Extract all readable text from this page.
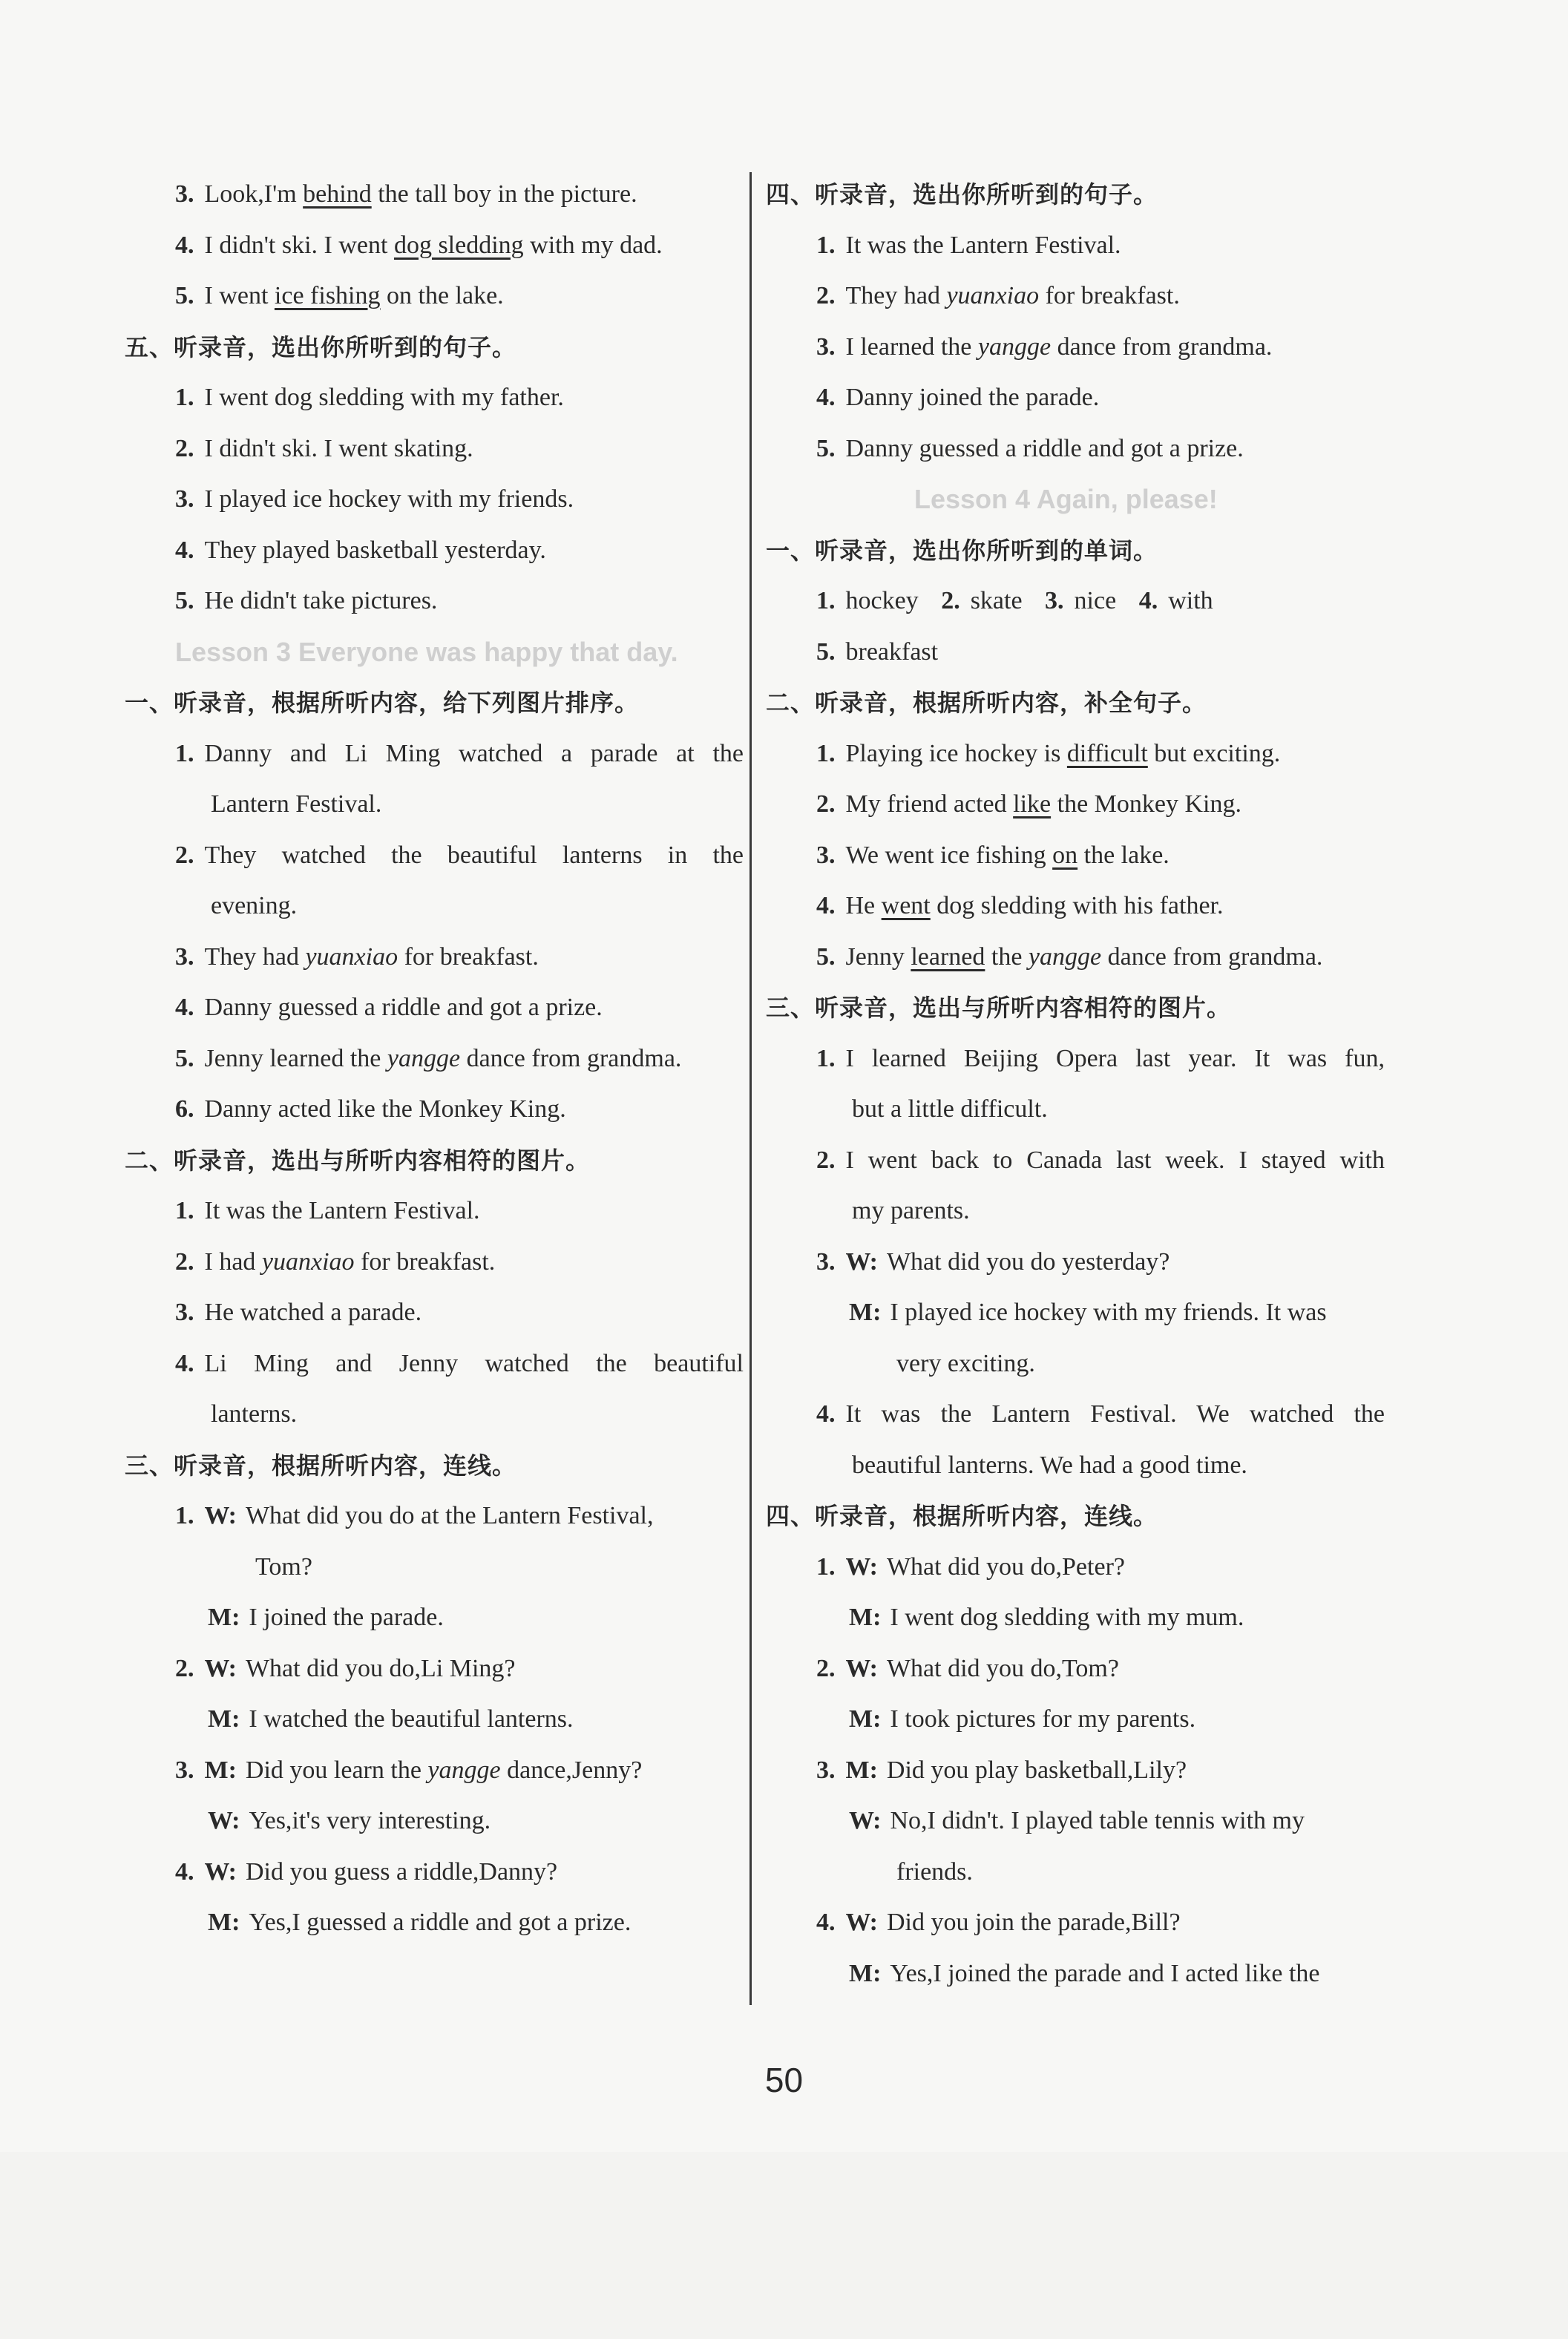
3. Look,I'm behind the tall boy in the picture.
4. I didn't ski. I went dog sledding with my dad.
5. I went ice fishing on the lake.
五、听录音，选出你所听到的句子。
1. I went dog sledding with my father.
2. I didn't ski. I went skating.
3. I played ice hockey with my friends.
4. They played basketball yesterday.
5. He didn't take pictures.
Lesson 3 Everyone was happy that day.
一、听录音，根据所听内容，给下列图片排序。
1. Danny and Li Ming watched a parade at the
Lantern Festival.
2. They watched the beautiful lanterns in the
evening.
3. They had yuanxiao for breakfast.
4. Danny guessed a riddle and got a prize.
5. Jenny learned the yangge dance from grandma.
6. Danny acted like the Monkey King.
二、听录音，选出与所听内容相符的图片。
1. It was the Lantern Festival.
2. I had yuanxiao for breakfast.
3. He watched a parade.
4. Li Ming and Jenny watched the beautiful
lanterns.
三、听录音，根据所听内容，连线。
1. W: What did you do at the Lantern Festival,
Tom?
M: I joined the parade.
2. W: What did you do,Li Ming?
M: I watched the beautiful lanterns.
3. M: Did you learn the yangge dance,Jenny?
W: Yes,it's very interesting.
4. W: Did you guess a riddle,Danny?
M: Yes,I guessed a riddle and got a prize.
四、听录音，选出你所听到的句子。
1. It was the Lantern Festival.
2. They had yuanxiao for breakfast.
3. I learned the yangge dance from grandma.
4. Danny joined the parade.
5. Danny guessed a riddle and got a prize.
Lesson 4 Again, please!
一、听录音，选出你所听到的单词。
1. hockey 2. skate 3. nice 4. with
5. breakfast
二、听录音，根据所听内容，补全句子。
1. Playing ice hockey is difficult but exciting.
2. My friend acted like the Monkey King.
3. We went ice fishing on the lake.
4. He went dog sledding with his father.
5. Jenny learned the yangge dance from grandma.
三、听录音，选出与所听内容相符的图片。
1. I learned Beijing Opera last year. It was fun,
but a little difficult.
2. I went back to Canada last week. I stayed with
my parents.
3. W: What did you do yesterday?
M: I played ice hockey with my friends. It was
very exciting.
4. It was the Lantern Festival. We watched the
beautiful lanterns. We had a good time.
四、听录音，根据所听内容，连线。
1. W: What did you do,Peter?
M: I went dog sledding with my mum.
2. W: What did you do,Tom?
M: I took pictures for my parents.
3. M: Did you play basketball,Lily?
W: No,I didn't. I played table tennis with my
friends.
4. W: Did you join the parade,Bill?
M: Yes,I joined the parade and I acted like the
50
